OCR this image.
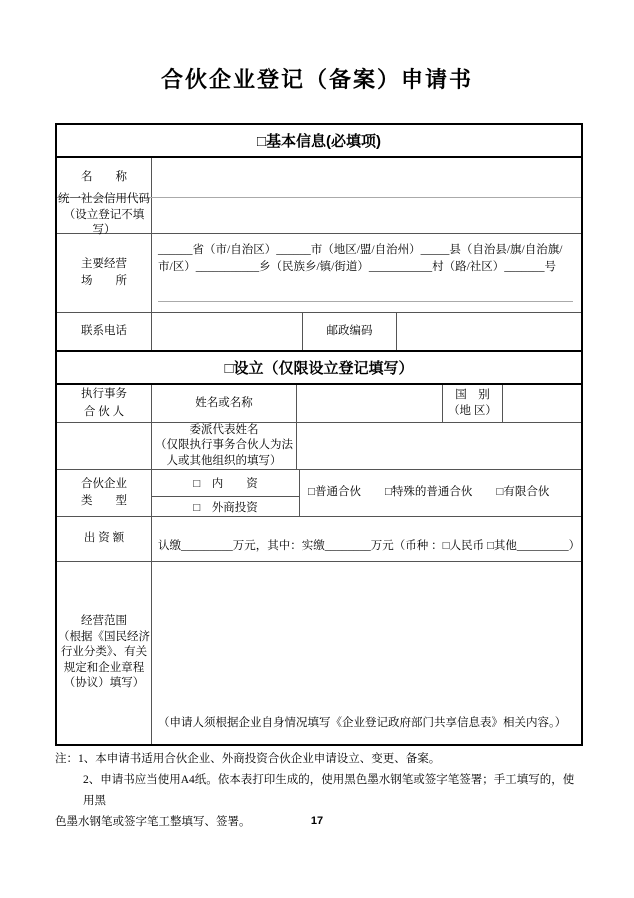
合伙企业登记（备案）申请书
□基本信息(必填项)
名　　称
统一社会信用代码
（设立登记不填写）
主要经营
场　　所
______省（市/自治区）______市（地区/盟/自治州）_____县（自治县/旗/自治旗/
市/区）___________乡（民族乡/镇/街道）___________村（路/社区）_______号
联系电话	邮政编码
□设立（仅限设立登记填写）
执行事务
合 伙 人
姓名或名称
国　别
（地 区）
委派代表姓名
（仅限执行事务合伙人为法
人或其他组织的填写）
合伙企业
类　　型
□　内　　资
□　外商投资
□普通合伙 □特殊的普通合伙 □有限合伙
出 资 额
认缴_________万元，其中：实缴________万元（币种 ：□人民币 □其他_________）
经营范围
（根据《国民经济
行业分类》、有关
规定和企业章程
（协议）填写）
（申请人须根据企业自身情况填写《企业登记政府部门共享信息表》相关内容。）
注：1、本申请书适用合伙企业、外商投资合伙企业申请设立、变更、备案。
2、申请书应当使用A4纸。依本表打印生成的，使用黑色墨水钢笔或签字笔签署；手工填写的，使用黑
色墨水钢笔或签字笔工整填写、签署。	17
